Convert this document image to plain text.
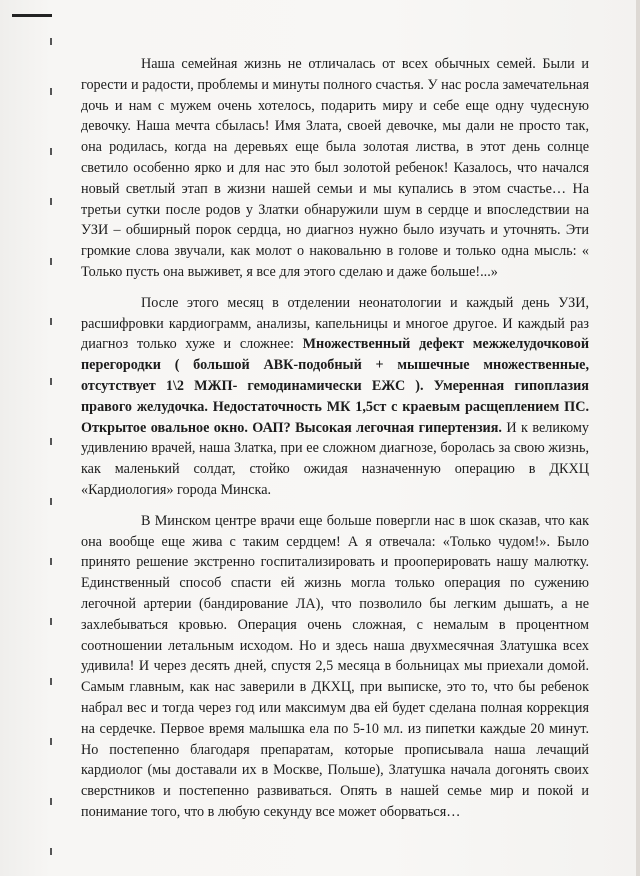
Наша семейная жизнь не отличалась от всех обычных семей. Были и горести и радости, проблемы и минуты полного счастья. У нас росла замечательная дочь и нам с мужем очень хотелось, подарить миру и себе еще одну чудесную девочку. Наша мечта сбылась! Имя Злата, своей девочке, мы дали не просто так, она родилась, когда на деревьях еще была золотая листва, в этот день солнце светило особенно ярко и для нас это был золотой ребенок! Казалось, что начался новый светлый этап в жизни нашей семьи и мы купались в этом счастье… На третьи сутки после родов у Златки обнаружили шум в сердце и впоследствии на УЗИ – обширный порок сердца, но диагноз нужно было изучать и уточнять. Эти громкие слова звучали, как молот о наковальню в голове и только одна мысль: « Только пусть она выживет, я все для этого сделаю и даже больше!...»

После этого месяц в отделении неонатологии и каждый день УЗИ, расшифровки кардиограмм, анализы, капельницы и многое другое. И каждый раз диагноз только хуже и сложнее: Множественный дефект межжелудочковой перегородки ( большой АВК-подобный + мышечные множественные, отсутствует 1\2 МЖП- гемодинамически ЕЖС ). Умеренная гипоплазия правого желудочка. Недостаточность МК 1,5ст с краевым расщеплением ПС. Открытое овальное окно. ОАП? Высокая легочная гипертензия. И к великому удивлению врачей, наша Златка, при ее сложном диагнозе, боролась за свою жизнь, как маленький солдат, стойко ожидая назначенную операцию в ДКХЦ «Кардиология» города Минска.

В Минском центре врачи еще больше повергли нас в шок сказав, что как она вообще еще жива с таким сердцем! А я отвечала: «Только чудом!». Было принято решение экстренно госпитализировать и прооперировать нашу малютку. Единственный способ спасти ей жизнь могла только операция по сужению легочной артерии (бандирование ЛА), что позволило бы легким дышать, а не захлебываться кровью. Операция очень сложная, с немалым в процентном соотношении летальным исходом. Но и здесь наша двухмесячная Златушка всех удивила! И через десять дней, спустя 2,5 месяца в больницах мы приехали домой. Самым главным, как нас заверили в ДКХЦ, при выписке, это то, что бы ребенок набрал вес и тогда через год или максимум два ей будет сделана полная коррекция на сердечке. Первое время малышка ела по 5-10 мл. из пипетки каждые 20 минут. Но постепенно благодаря препаратам, которые прописывала наша лечащий кардиолог (мы доставали их в Москве, Польше), Златушка начала догонять своих сверстников и постепенно развиваться. Опять в нашей семье мир и покой и понимание того, что в любую секунду все может оборваться…
